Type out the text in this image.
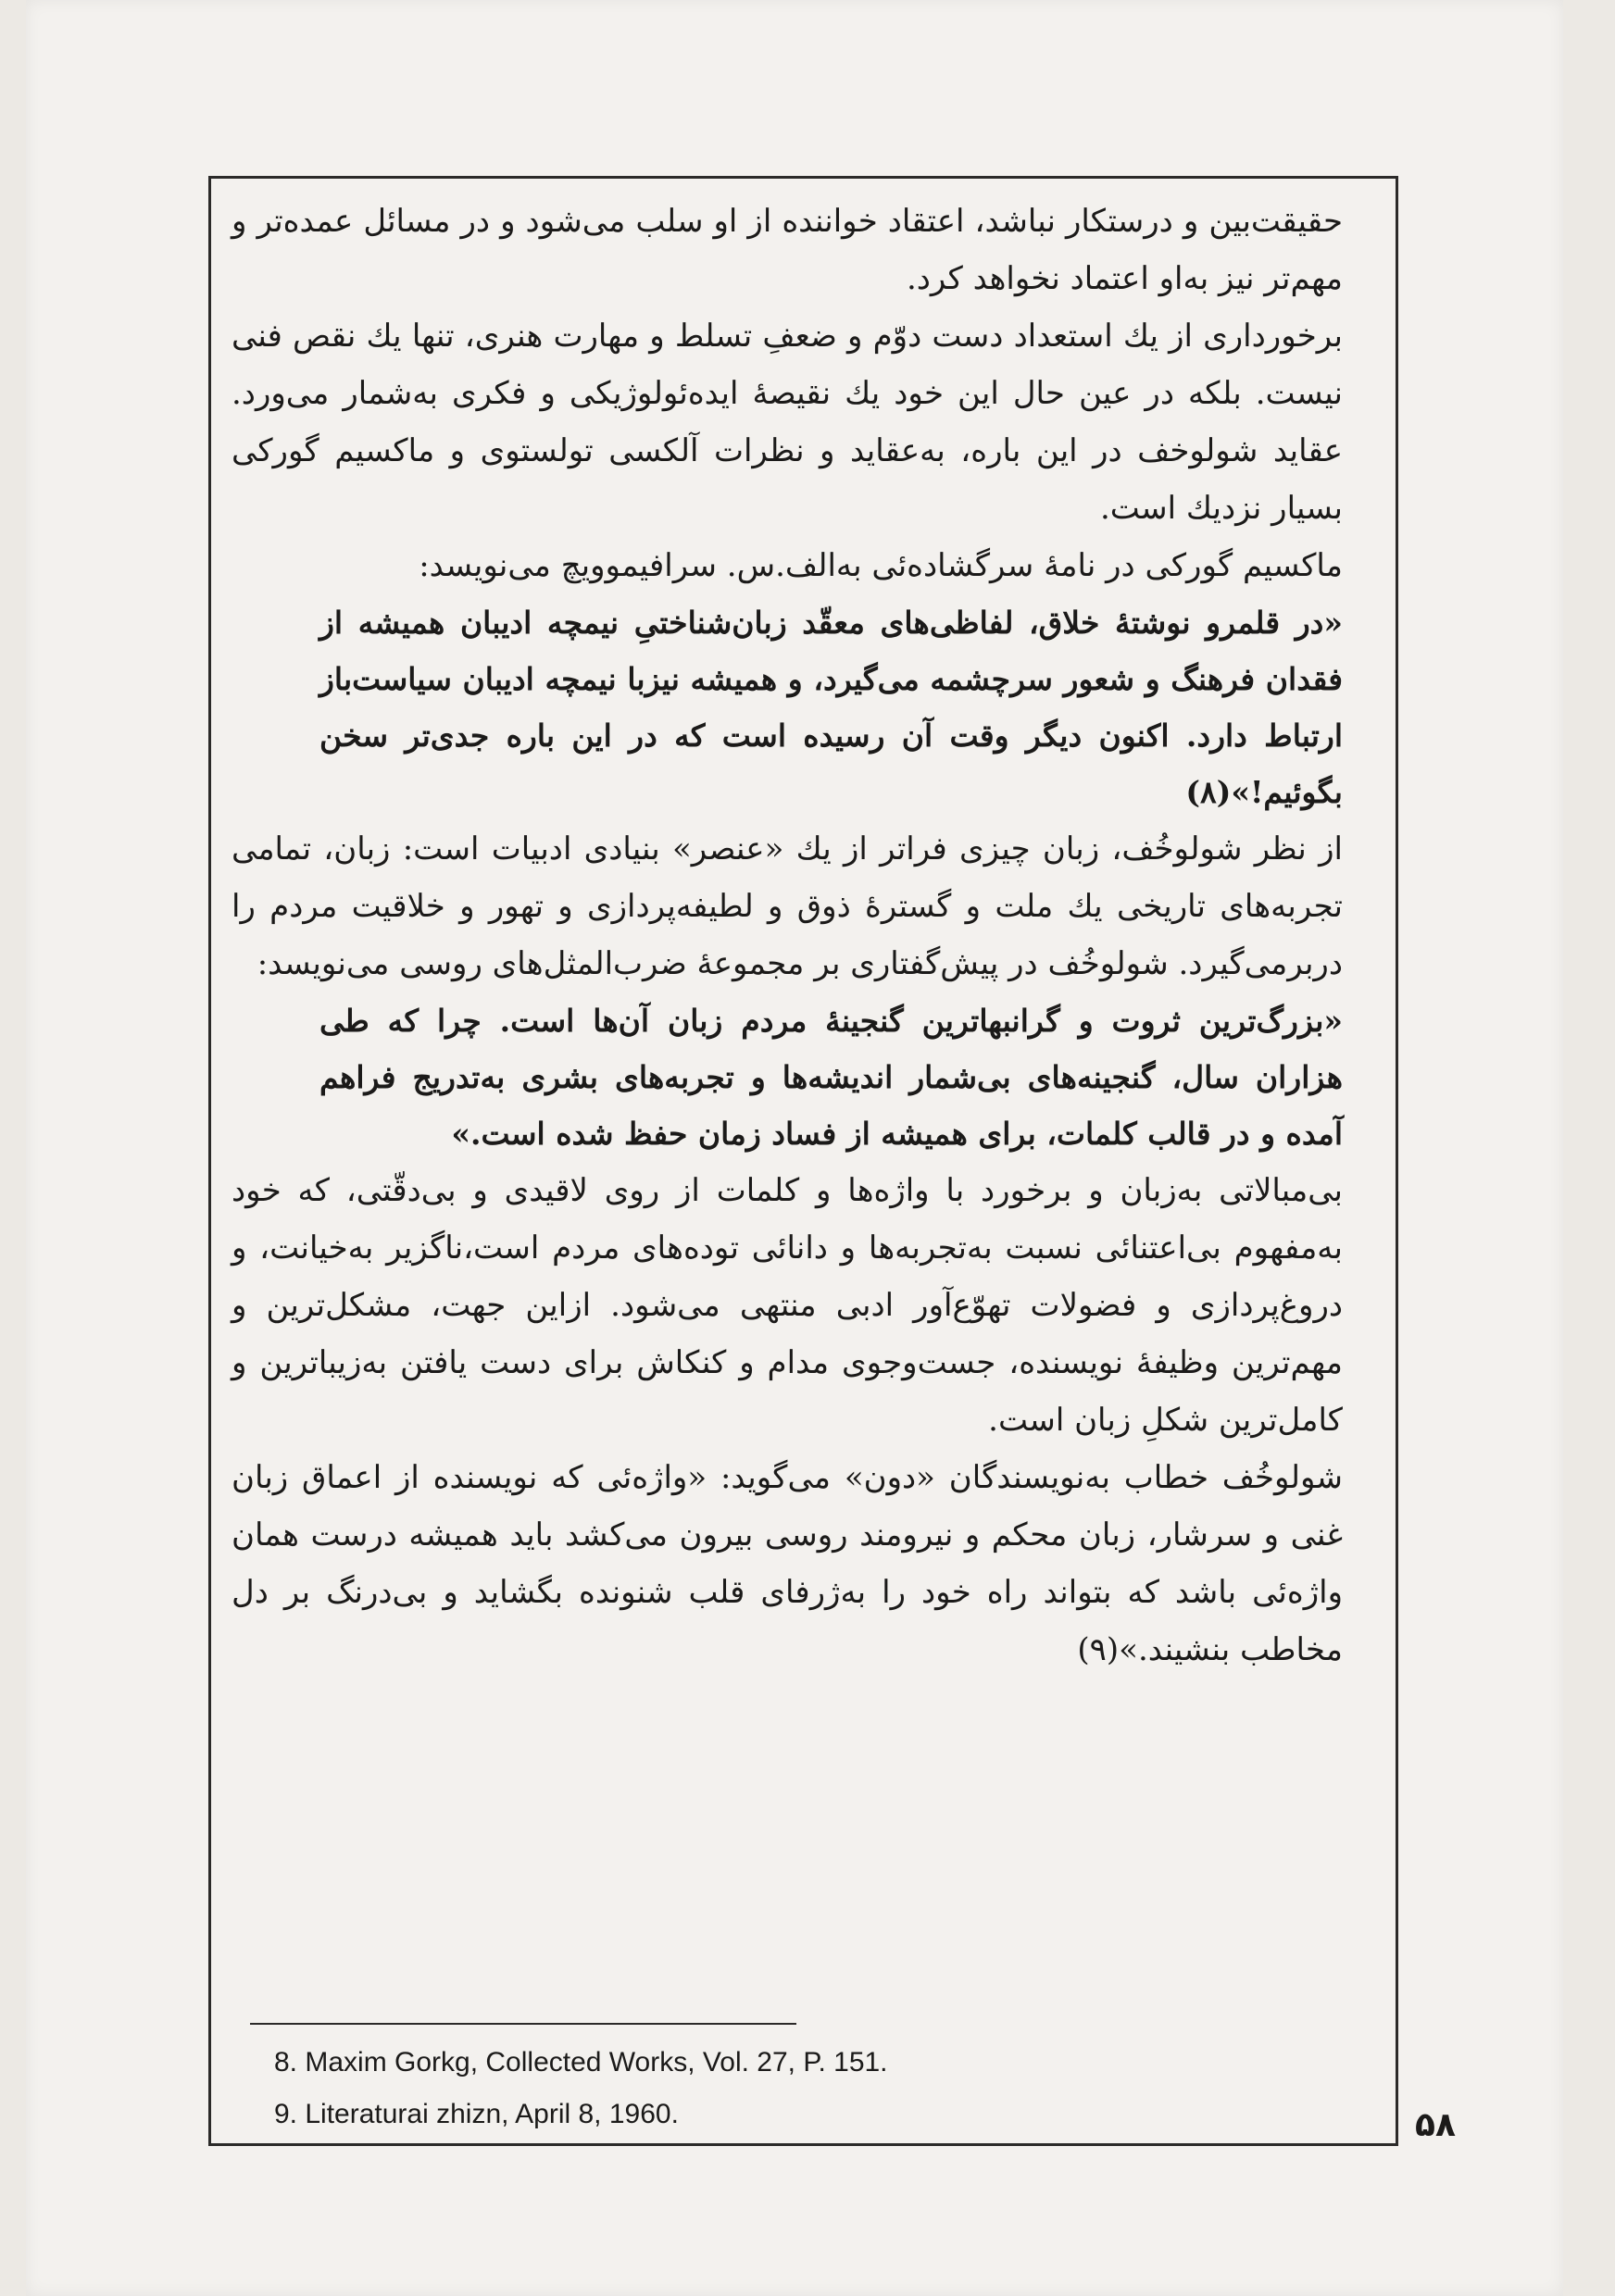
حقیقت‌بین و درستکار نباشد، اعتقاد خواننده از او سلب می‌شود و در مسائل عمده‌تر و مهم‌تر نیز به‌او اعتماد نخواهد کرد.

برخورداری از یك استعداد دست دوّم و ضعفِ تسلط و مهارت هنری، تنها یك نقص فنی نیست. بلکه در عین حال این خود یك نقیصهٔ ایده‌ئولوژیکی و فکری به‌شمار می‌ورد. عقاید شولوخف در این باره، به‌عقاید و نظرات آلکسی تولستوی و ماکسیم گورکی بسیار نزدیك است.

ماکسیم گورکی در نامهٔ سرگشاده‌ئی به‌الف.س. سرافیموویچ می‌نویسد:

«در قلمرو نوشتهٔ خلاق، لفاظی‌های معقّد زبان‌شناختیِ نیمچه ادیبان همیشه از فقدان فرهنگ و شعور سرچشمه می‌گیرد، و همیشه نیزبا نیمچه ادیبان سیاست‌باز ارتباط دارد. اکنون دیگر وقت آن رسیده است که در این باره جدی‌تر سخن بگوئیم!»(۸)

از نظر شولوخُف، زبان چیزی فراتر از یك «عنصر» بنیادی ادبیات است: زبان، تمامی تجربه‌های تاریخی یك ملت و گسترهٔ ذوق و لطیفه‌پردازی و تهور و خلاقیت مردم را دربرمی‌گیرد. شولوخُف در پیش‌گفتاری بر مجموعهٔ ضرب‌المثل‌های روسی می‌نویسد:

«بزرگ‌ترین ثروت و گرانبهاترین گنجینهٔ مردم زبان آن‌ها است. چرا که طی هزاران سال، گنجینه‌های بی‌شمار اندیشه‌ها و تجربه‌های بشری به‌تدریج فراهم آمده و در قالب کلمات، برای همیشه از فساد زمان حفظ شده است.»

بی‌مبالاتی به‌زبان و برخورد با واژه‌ها و کلمات از روی لاقیدی و بی‌دقّتی، که خود به‌مفهوم بی‌اعتنائی نسبت به‌تجربه‌ها و دانائی توده‌های مردم است،ناگزیر به‌خیانت، و دروغ‌پردازی و فضولات تهوّع‌آور ادبی منتهی می‌شود. ازاین جهت، مشکل‌ترین و مهم‌ترین وظیفهٔ نویسنده، جست‌وجوی مدام و کنکاش برای دست یافتن به‌زیباترین و کامل‌ترین شکلِ زبان است.

شولوخُف خطاب به‌نویسندگان «دون» می‌گوید: «واژه‌ئی که نویسنده از اعماق زبان غنی و سرشار، زبان محکم و نیرومند روسی بیرون می‌کشد باید همیشه درست همان واژه‌ئی باشد که بتواند راه خود را به‌ژرفای قلب شنونده بگشاید و بی‌درنگ بر دل مخاطب بنشیند.»(۹)

8. Maxim Gorkg, Collected Works, Vol. 27, P. 151.

9. Literaturai zhizn, April 8, 1960.	۵۸
